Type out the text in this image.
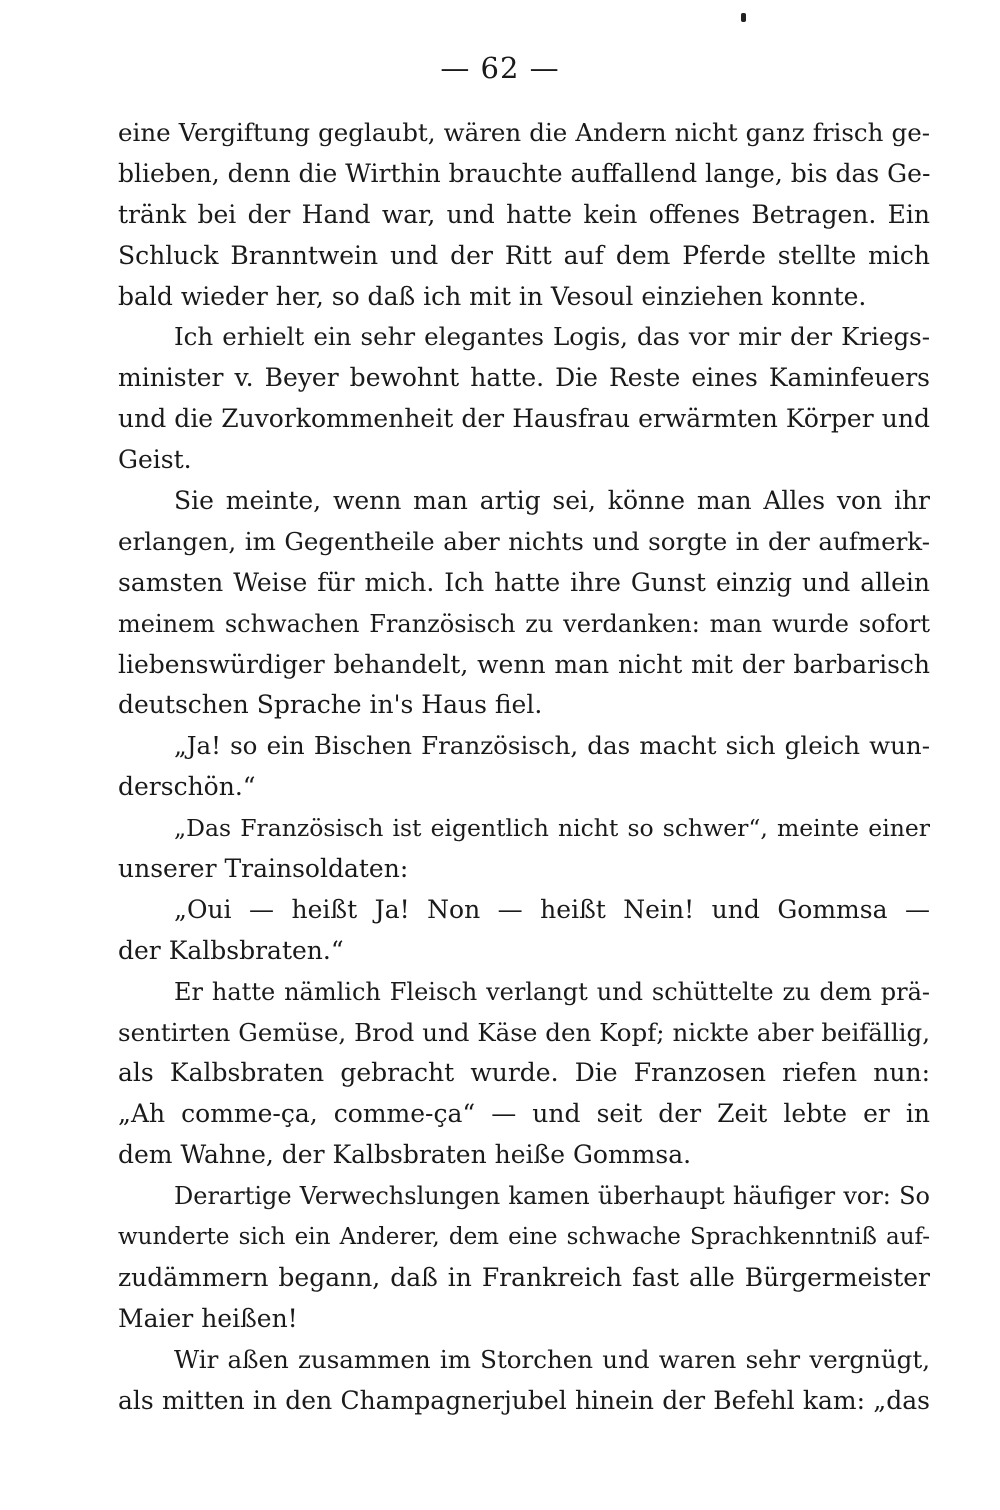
— 62 —
eine Vergiftung geglaubt, wären die Andern nicht ganz frisch ge-
blieben, denn die Wirthin brauchte auffallend lange, bis das Ge-
tränk bei der Hand war, und hatte kein offenes Betragen. Ein
Schluck Branntwein und der Ritt auf dem Pferde stellte mich
bald wieder her, so daß ich mit in Vesoul einziehen konnte.
Ich erhielt ein sehr elegantes Logis, das vor mir der Kriegs-
minister v. Beyer bewohnt hatte. Die Reste eines Kaminfeuers
und die Zuvorkommenheit der Hausfrau erwärmten Körper und
Geist.
Sie meinte, wenn man artig sei, könne man Alles von ihr
erlangen, im Gegentheile aber nichts und sorgte in der aufmerk-
samsten Weise für mich. Ich hatte ihre Gunst einzig und allein
meinem schwachen Französisch zu verdanken: man wurde sofort
liebenswürdiger behandelt, wenn man nicht mit der barbarisch
deutschen Sprache in's Haus fiel.
„Ja! so ein Bischen Französisch, das macht sich gleich wun-
derschön.“
„Das Französisch ist eigentlich nicht so schwer“, meinte einer
unserer Trainsoldaten:
„Oui — heißt Ja! Non — heißt Nein! und Gommsa —
der Kalbsbraten.“
Er hatte nämlich Fleisch verlangt und schüttelte zu dem prä-
sentirten Gemüse, Brod und Käse den Kopf; nickte aber beifällig,
als Kalbsbraten gebracht wurde. Die Franzosen riefen nun:
„Ah comme-ça, comme-ça“ — und seit der Zeit lebte er in
dem Wahne, der Kalbsbraten heiße Gommsa.
Derartige Verwechslungen kamen überhaupt häufiger vor: So
wunderte sich ein Anderer, dem eine schwache Sprachkenntniß auf-
zudämmern begann, daß in Frankreich fast alle Bürgermeister
Maier heißen!
Wir aßen zusammen im Storchen und waren sehr vergnügt,
als mitten in den Champagnerjubel hinein der Befehl kam: „das
